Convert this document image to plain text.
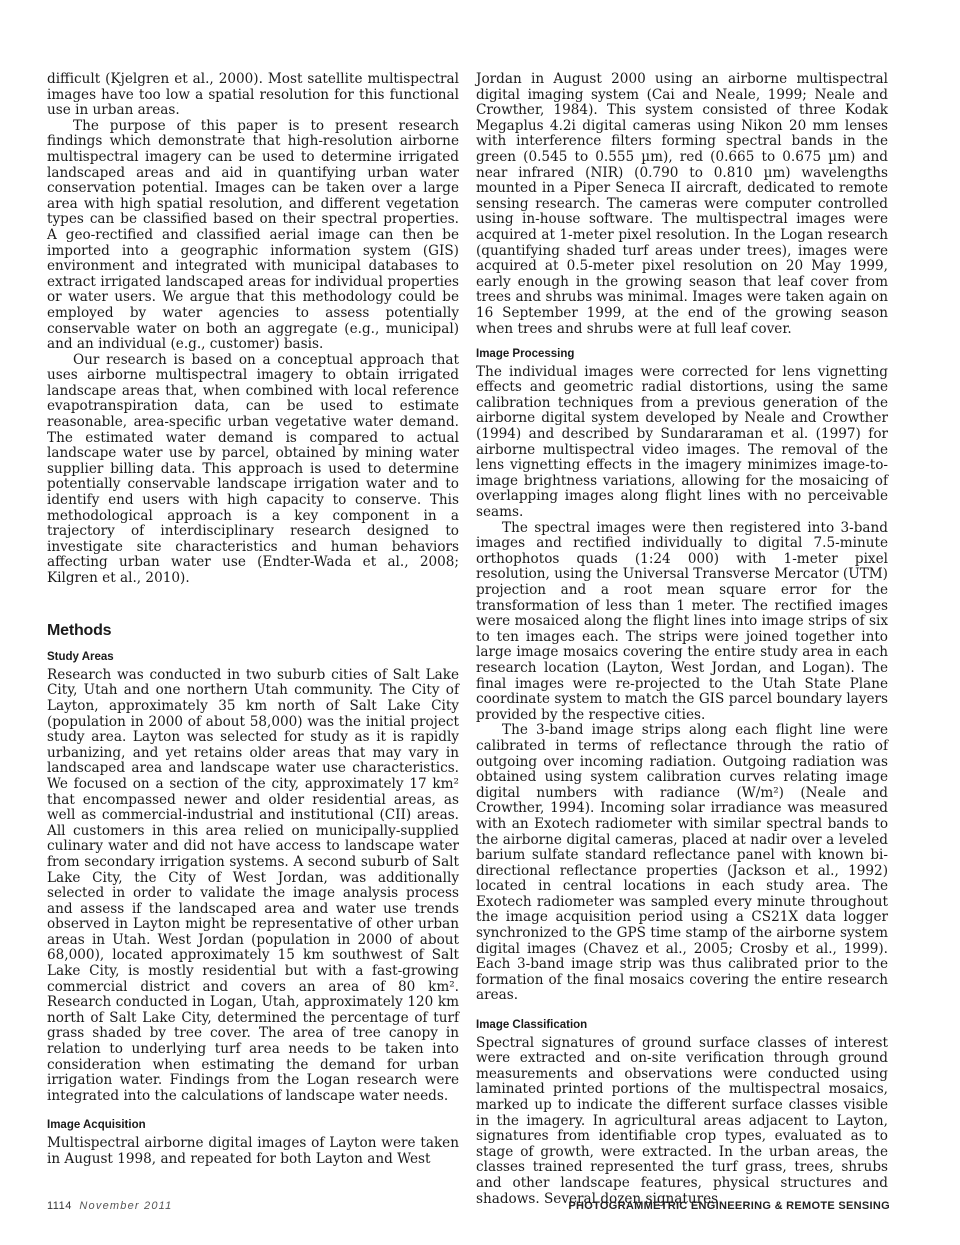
difficult (Kjelgren et al., 2000). Most satellite multispectral images have too low a spatial resolution for this functional use in urban areas.

The purpose of this paper is to present research findings which demonstrate that high-resolution airborne multispectral imagery can be used to determine irrigated landscaped areas and aid in quantifying urban water conservation potential. Images can be taken over a large area with high spatial resolution, and different vegetation types can be classified based on their spectral properties. A geo-rectified and classified aerial image can then be imported into a geographic information system (GIS) environment and integrated with municipal databases to extract irrigated landscaped areas for individual properties or water users. We argue that this methodology could be employed by water agencies to assess potentially conservable water on both an aggregate (e.g., municipal) and an individual (e.g., customer) basis.

Our research is based on a conceptual approach that uses airborne multispectral imagery to obtain irrigated landscape areas that, when combined with local reference evapotranspiration data, can be used to estimate reasonable, area-specific urban vegetative water demand. The estimated water demand is compared to actual landscape water use by parcel, obtained by mining water supplier billing data. This approach is used to determine potentially conservable landscape irrigation water and to identify end users with high capacity to conserve. This methodological approach is a key component in a trajectory of interdisciplinary research designed to investigate site characteristics and human behaviors affecting urban water use (Endter-Wada et al., 2008; Kilgren et al., 2010).

Methods
Study Areas

Research was conducted in two suburb cities of Salt Lake City, Utah and one northern Utah community. The City of Layton, approximately 35 km north of Salt Lake City (population in 2000 of about 58,000) was the initial project study area. Layton was selected for study as it is rapidly urbanizing, and yet retains older areas that may vary in landscaped area and landscape water use characteristics. We focused on a section of the city, approximately 17 km² that encompassed newer and older residential areas, as well as commercial-industrial and institutional (CII) areas. All customers in this area relied on municipally-supplied culinary water and did not have access to landscape water from secondary irrigation systems. A second suburb of Salt Lake City, the City of West Jordan, was additionally selected in order to validate the image analysis process and assess if the landscaped area and water use trends observed in Layton might be representative of other urban areas in Utah. West Jordan (population in 2000 of about 68,000), located approximately 15 km southwest of Salt Lake City, is mostly residential but with a fast-growing commercial district and covers an area of 80 km². Research conducted in Logan, Utah, approximately 120 km north of Salt Lake City, determined the percentage of turf grass shaded by tree cover. The area of tree canopy in relation to underlying turf area needs to be taken into consideration when estimating the demand for urban irrigation water. Findings from the Logan research were integrated into the calculations of landscape water needs.

Image Acquisition

Multispectral airborne digital images of Layton were taken in August 1998, and repeated for both Layton and West

Jordan in August 2000 using an airborne multispectral digital imaging system (Cai and Neale, 1999; Neale and Crowther, 1984). This system consisted of three Kodak Megaplus 4.2i digital cameras using Nikon 20 mm lenses with interference filters forming spectral bands in the green (0.545 to 0.555 µm), red (0.665 to 0.675 µm) and near infrared (NIR) (0.790 to 0.810 µm) wavelengths mounted in a Piper Seneca II aircraft, dedicated to remote sensing research. The cameras were computer controlled using in-house software. The multispectral images were acquired at 1-meter pixel resolution. In the Logan research (quantifying shaded turf areas under trees), images were acquired at 0.5-meter pixel resolution on 20 May 1999, early enough in the growing season that leaf cover from trees and shrubs was minimal. Images were taken again on 16 September 1999, at the end of the growing season when trees and shrubs were at full leaf cover.

Image Processing

The individual images were corrected for lens vignetting effects and geometric radial distortions, using the same calibration techniques from a previous generation of the airborne digital system developed by Neale and Crowther (1994) and described by Sundararaman et al. (1997) for airborne multispectral video images. The removal of the lens vignetting effects in the imagery minimizes image-to-image brightness variations, allowing for the mosaicing of overlapping images along flight lines with no perceivable seams.

The spectral images were then registered into 3-band images and rectified individually to digital 7.5-minute orthophotos quads (1:24 000) with 1-meter pixel resolution, using the Universal Transverse Mercator (UTM) projection and a root mean square error for the transformation of less than 1 meter. The rectified images were mosaiced along the flight lines into image strips of six to ten images each. The strips were joined together into large image mosaics covering the entire study area in each research location (Layton, West Jordan, and Logan). The final images were re-projected to the Utah State Plane coordinate system to match the GIS parcel boundary layers provided by the respective cities.

The 3-band image strips along each flight line were calibrated in terms of reflectance through the ratio of outgoing over incoming radiation. Outgoing radiation was obtained using system calibration curves relating image digital numbers with radiance (W/m²) (Neale and Crowther, 1994). Incoming solar irradiance was measured with an Exotech radiometer with similar spectral bands to the airborne digital cameras, placed at nadir over a leveled barium sulfate standard reflectance panel with known bi-directional reflectance properties (Jackson et al., 1992) located in central locations in each study area. The Exotech radiometer was sampled every minute throughout the image acquisition period using a CS21X data logger synchronized to the GPS time stamp of the airborne system digital images (Chavez et al., 2005; Crosby et al., 1999). Each 3-band image strip was thus calibrated prior to the formation of the final mosaics covering the entire research areas.

Image Classification

Spectral signatures of ground surface classes of interest were extracted and on-site verification through ground measurements and observations were conducted using laminated printed portions of the multispectral mosaics, marked up to indicate the different surface classes visible in the imagery. In agricultural areas adjacent to Layton, signatures from identifiable crop types, evaluated as to stage of growth, were extracted. In the urban areas, the classes trained represented the turf grass, trees, shrubs and other landscape features, physical structures and shadows. Several dozen signatures

1114 November 2011	PHOTOGRAMMETRIC ENGINEERING & REMOTE SENSING
